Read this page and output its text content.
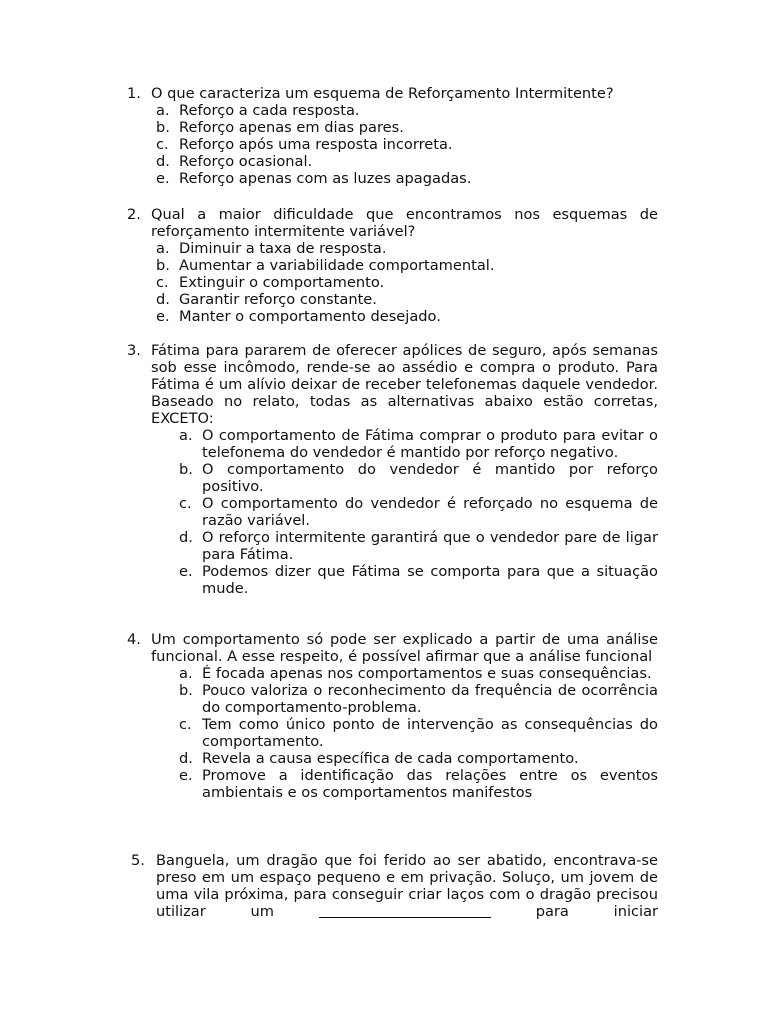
1. O que caracteriza um esquema de Reforçamento Intermitente?
a. Reforço a cada resposta.
b. Reforço apenas em dias pares.
c. Reforço após uma resposta incorreta.
d. Reforço ocasional.
e. Reforço apenas com as luzes apagadas.
2. Qual a maior dificuldade que encontramos nos esquemas de reforçamento intermitente variável?
a. Diminuir a taxa de resposta.
b. Aumentar a variabilidade comportamental.
c. Extinguir o comportamento.
d. Garantir reforço constante.
e. Manter o comportamento desejado.
3. Fátima para pararem de oferecer apólices de seguro, após semanas sob esse incômodo, rende-se ao assédio e compra o produto. Para Fátima é um alívio deixar de receber telefonemas daquele vendedor. Baseado no relato, todas as alternativas abaixo estão corretas, EXCETO:
a. O comportamento de Fátima comprar o produto para evitar o telefonema do vendedor é mantido por reforço negativo.
b. O comportamento do vendedor é mantido por reforço positivo.
c. O comportamento do vendedor é reforçado no esquema de razão variável.
d. O reforço intermitente garantirá que o vendedor pare de ligar para Fátima.
e. Podemos dizer que Fátima se comporta para que a situação mude.
4. Um comportamento só pode ser explicado a partir de uma análise funcional. A esse respeito, é possível afirmar que a análise funcional
a. É focada apenas nos comportamentos e suas consequências.
b. Pouco valoriza o reconhecimento da frequência de ocorrência do comportamento-problema.
c. Tem como único ponto de intervenção as consequências do comportamento.
d. Revela a causa específica de cada comportamento.
e. Promove a identificação das relações entre os eventos ambientais e os comportamentos manifestos
5. Banguela, um dragão que foi ferido ao ser abatido, encontrava-se preso em um espaço pequeno e em privação. Soluço, um jovem de uma vila próxima, para conseguir criar laços com o dragão precisou utilizar um	para iniciar
